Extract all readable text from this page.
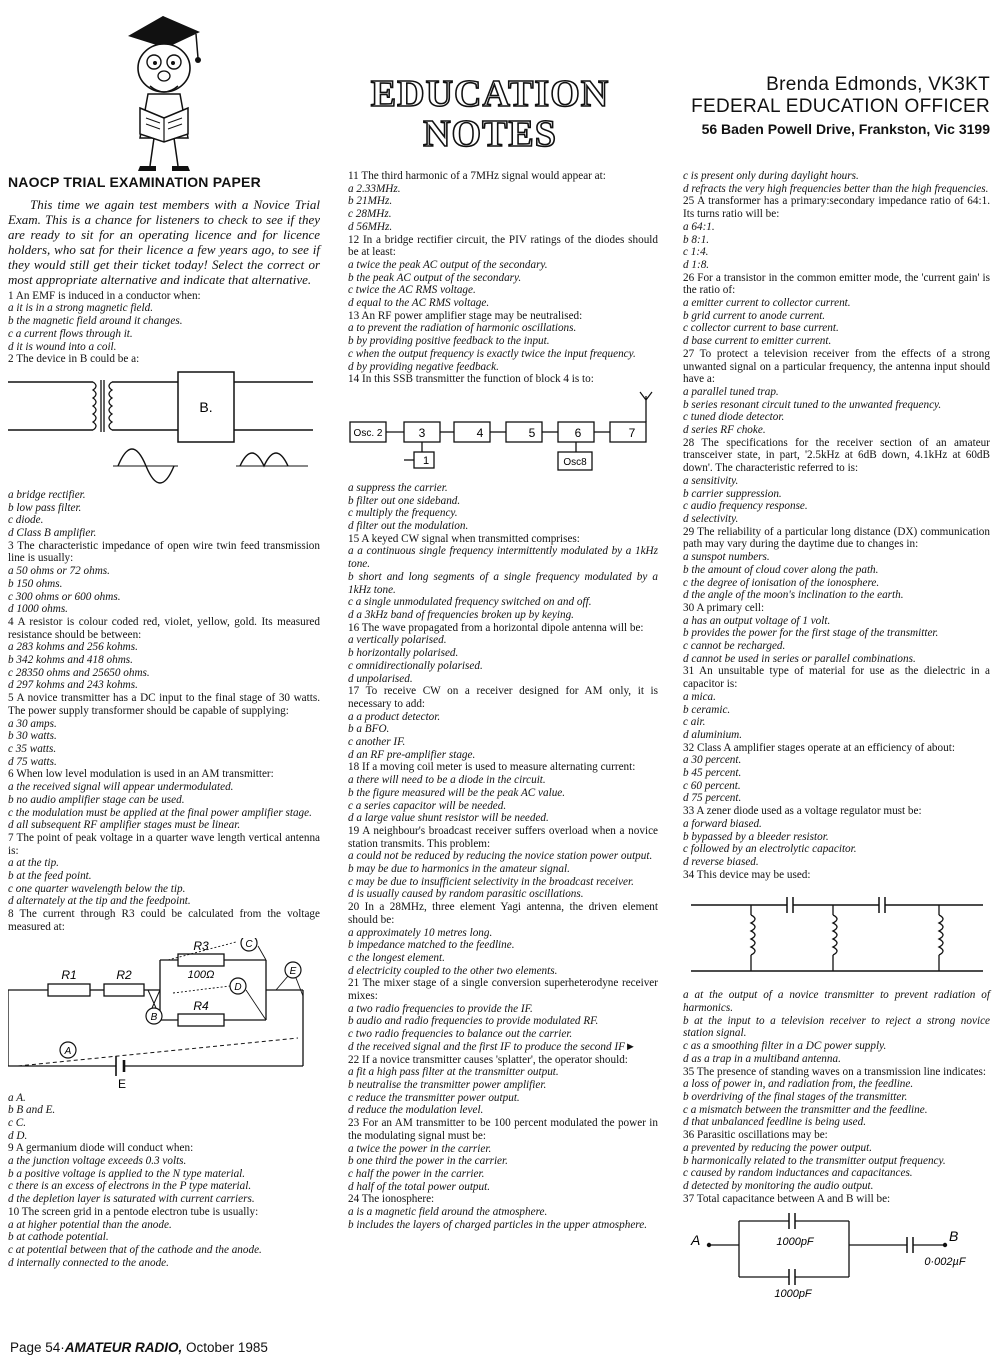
EDUCATION
NOTES
Brenda Edmonds, VK3KT
FEDERAL EDUCATION OFFICER
56 Baden Powell Drive, Frankston, Vic 3199
NAOCP TRIAL EXAMINATION PAPER
This time we again test members with a Novice Trial Exam. This is a chance for listeners to check to see if they are ready to sit for an operating licence and for licence holders, who sat for their licence a few years ago, to see if they would still get their ticket today! Select the correct or most appropriate alternative and indicate that alternative.
1 An EMF is induced in a conductor when:
a it is in a strong magnetic field.
b the magnetic field around it changes.
c a current flows through it.
d it is wound into a coil.
2 The device in B could be a:
B.
a bridge rectifier.
b low pass filter.
c diode.
d Class B amplifier.
3 The characteristic impedance of open wire twin feed transmission line is usually:
a 50 ohms or 72 ohms.
b 150 ohms.
c 300 ohms or 600 ohms.
d 1000 ohms.
4 A resistor is colour coded red, violet, yellow, gold. Its measured resistance should be between:
a 283 kohms and 256 kohms.
b 342 kohms and 418 ohms.
c 28350 ohms and 25650 ohms.
d 297 kohms and 243 kohms.
5 A novice transmitter has a DC input to the final stage of 30 watts. The power supply transformer should be capable of supplying:
a 30 amps.
b 30 watts.
c 35 watts.
d 75 watts.
6 When low level modulation is used in an AM transmitter:
a the received signal will appear undermodulated.
b no audio amplifier stage can be used.
c the modulation must be applied at the final power amplifier stage.
d all subsequent RF amplifier stages must be linear.
7 The point of peak voltage in a quarter wave length vertical antenna is:
a at the tip.
b at the feed point.
c one quarter wavelength below the tip.
d alternately at the tip and the feedpoint.
8 The current through R3 could be calculated from the voltage measured at:
R1	R2
R3
100Ω
R4
E
A
B
C
D
E
a A.
b B and E.
c C.
d D.
9 A germanium diode will conduct when:
a the junction voltage exceeds 0.3 volts.
b a positive voltage is applied to the N type material.
c there is an excess of electrons in the P type material.
d the depletion layer is saturated with current carriers.
10 The screen grid in a pentode electron tube is usually:
a at higher potential than the anode.
b at cathode potential.
c at potential between that of the cathode and the anode.
d internally connected to the anode.
11 The third harmonic of a 7MHz signal would appear at:
a 2.33MHz.
b 21MHz.
c 28MHz.
d 56MHz.
12 In a bridge rectifier circuit, the PIV ratings of the diodes should be at least:
a twice the peak AC output of the secondary.
b the peak AC output of the secondary.
c twice the AC RMS voltage.
d equal to the AC RMS voltage.
13 An RF power amplifier stage may be neutralised:
a to prevent the radiation of harmonic oscillations.
b by providing positive feedback to the input.
c when the output frequency is exactly twice the input frequency.
d by providing negative feedback.
14 In this SSB transmitter the function of block 4 is to:
Osc. 2	3	4	5	6	7
1	Osc8
a suppress the carrier.
b filter out one sideband.
c multiply the frequency.
d filter out the modulation.
15 A keyed CW signal when transmitted comprises:
a a continuous single frequency intermittently modulated by a 1kHz tone.
b short and long segments of a single frequency modulated by a 1kHz tone.
c a single unmodulated frequency switched on and off.
d a 3kHz band of frequencies broken up by keying.
16 The wave propagated from a horizontal dipole antenna will be:
a vertically polarised.
b horizontally polarised.
c omnidirectionally polarised.
d unpolarised.
17 To receive CW on a receiver designed for AM only, it is necessary to add:
a a product detector.
b a BFO.
c another IF.
d an RF pre-amplifier stage.
18 If a moving coil meter is used to measure alternating current:
a there will need to be a diode in the circuit.
b the figure measured will be the peak AC value.
c a series capacitor will be needed.
d a large value shunt resistor will be needed.
19 A neighbour's broadcast receiver suffers overload when a novice station transmits. This problem:
a could not be reduced by reducing the novice station power output.
b may be due to harmonics in the amateur signal.
c may be due to insufficient selectivity in the broadcast receiver.
d is usually caused by random parasitic oscillations.
20 In a 28MHz, three element Yagi antenna, the driven element should be:
a approximately 10 metres long.
b impedance matched to the feedline.
c the longest element.
d electricity coupled to the other two elements.
21 The mixer stage of a single conversion superheterodyne receiver mixes:
a two radio frequencies to provide the IF.
b audio and radio frequencies to provide modulated RF.
c two radio frequencies to balance out the carrier.
d the received signal and the first IF to produce the second IF►
22 If a novice transmitter causes 'splatter', the operator should:
a fit a high pass filter at the transmitter output.
b neutralise the transmitter power amplifier.
c reduce the transmitter power output.
d reduce the modulation level.
23 For an AM transmitter to be 100 percent modulated the power in the modulating signal must be:
a twice the power in the carrier.
b one third the power in the carrier.
c half the power in the carrier.
d half of the total power output.
24 The ionosphere:
a is a magnetic field around the atmosphere.
b includes the layers of charged particles in the upper atmosphere.
c is present only during daylight hours.
d refracts the very high frequencies better than the high frequencies.
25 A transformer has a primary:secondary impedance ratio of 64:1. Its turns ratio will be:
a 64:1.
b 8:1.
c 1:4.
d 1:8.
26 For a transistor in the common emitter mode, the 'current gain' is the ratio of:
a emitter current to collector current.
b grid current to anode current.
c collector current to base current.
d base current to emitter current.
27 To protect a television receiver from the effects of a strong unwanted signal on a particular frequency, the antenna input should have a:
a parallel tuned trap.
b series resonant circuit tuned to the unwanted frequency.
c tuned diode detector.
d series RF choke.
28 The specifications for the receiver section of an amateur transceiver state, in part, '2.5kHz at 6dB down, 4.1kHz at 60dB down'. The characteristic referred to is:
a sensitivity.
b carrier suppression.
c audio frequency response.
d selectivity.
29 The reliability of a particular long distance (DX) communication path may vary during the daytime due to changes in:
a sunspot numbers.
b the amount of cloud cover along the path.
c the degree of ionisation of the ionosphere.
d the angle of the moon's inclination to the earth.
30 A primary cell:
a has an output voltage of 1 volt.
b provides the power for the first stage of the transmitter.
c cannot be recharged.
d cannot be used in series or parallel combinations.
31 An unsuitable type of material for use as the dielectric in a capacitor is:
a mica.
b ceramic.
c air.
d aluminium.
32 Class A amplifier stages operate at an efficiency of about:
a 30 percent.
b 45 percent.
c 60 percent.
d 75 percent.
33 A zener diode used as a voltage regulator must be:
a forward biased.
b bypassed by a bleeder resistor.
c followed by an electrolytic capacitor.
d reverse biased.
34 This device may be used:
a at the output of a novice transmitter to prevent radiation of harmonics.
b at the input to a television receiver to reject a strong novice station signal.
c as a smoothing filter in a DC power supply.
d as a trap in a multiband antenna.
35 The presence of standing waves on a transmission line indicates:
a loss of power in, and radiation from, the feedline.
b overdriving of the final stages of the transmitter.
c a mismatch between the transmitter and the feedline.
d that unbalanced feedline is being used.
36 Parasitic oscillations may be:
a prevented by reducing the power output.
b harmonically related to the transmitter output frequency.
c caused by random inductances and capacitances.
d detected by monitoring the audio output.
37 Total capacitance between A and B will be:
A	1000pF
1000pF
B
0·002µF
Page 54·AMATEUR RADIO, October 1985
